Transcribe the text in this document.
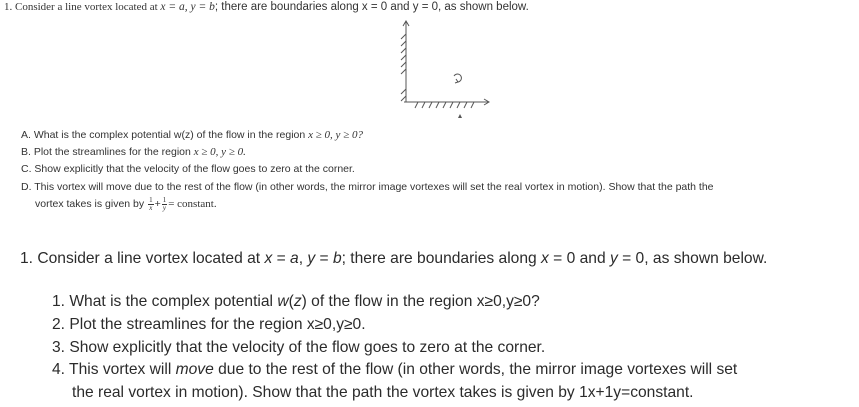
1. Consider a line vortex located at x = a, y = b; there are boundaries along x = 0 and y = 0, as shown below.
A. What is the complex potential w(z) of the flow in the region x ≥ 0, y ≥ 0?
B. Plot the streamlines for the region x ≥ 0, y ≥ 0.
C. Show explicitly that the velocity of the flow goes to zero at the corner.
D. This vortex will move due to the rest of the flow (in other words, the mirror image vortexes will set the real vortex in motion). Show that the path the
vortex takes is given by $\frac{1}{x} + \frac{1}{y}$ = constant.
1. Consider a line vortex located at x = a, y = b; there are boundaries along x = 0 and y = 0, as shown below.
1. What is the complex potential w(z) of the flow in the region x≥0,y≥0?
2. Plot the streamlines for the region x≥0,y≥0.
3. Show explicitly that the velocity of the flow goes to zero at the corner.
4. This vortex will move due to the rest of the flow (in other words, the mirror image vortexes will set
the real vortex in motion). Show that the path the vortex takes is given by 1x+1y=constant.
